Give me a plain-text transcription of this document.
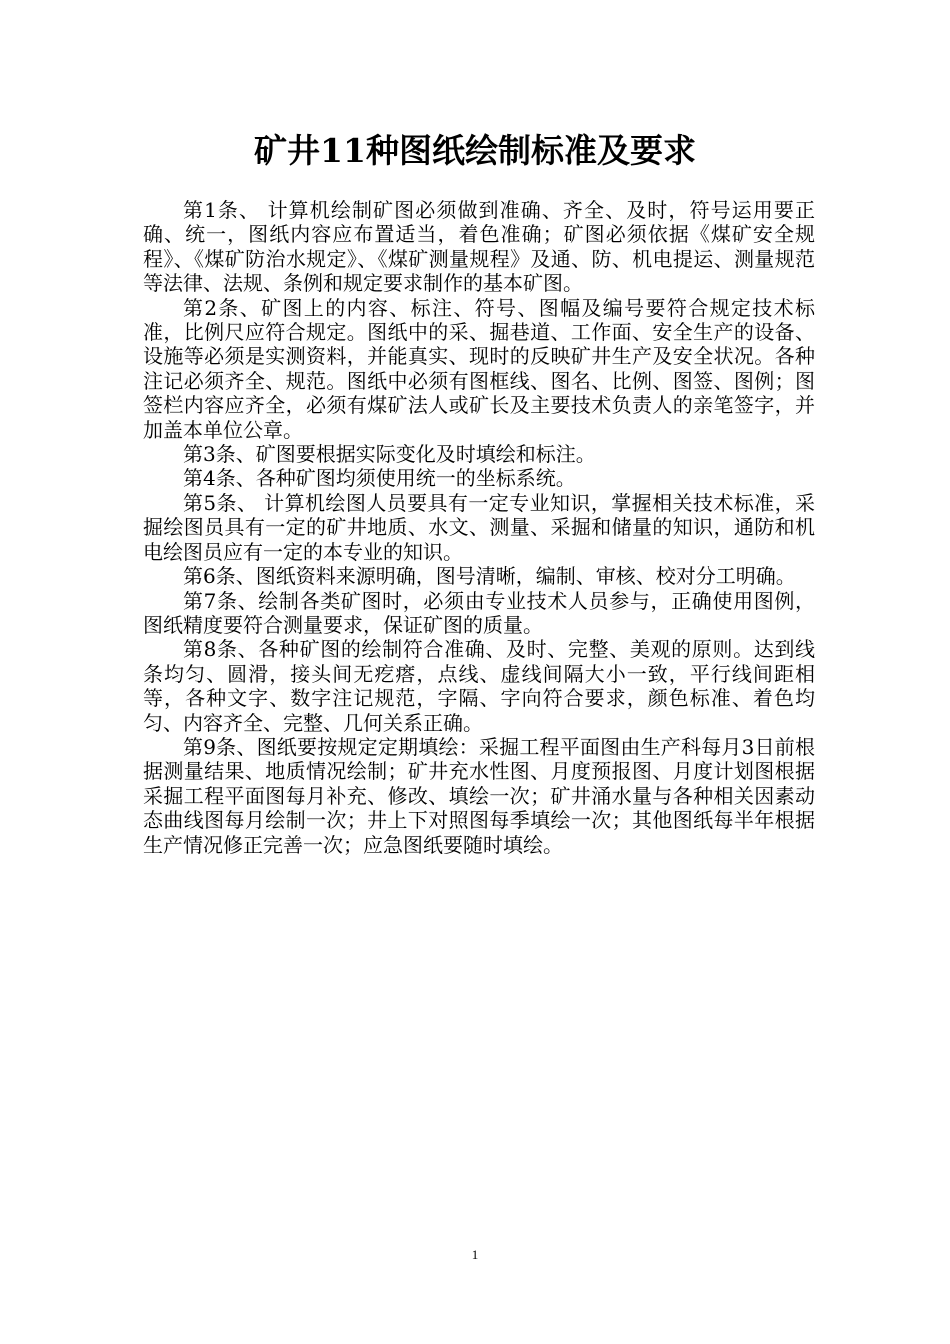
矿井11种图纸绘制标准及要求

第1条、 计算机绘制矿图必须做到准确、齐全、及时，符号运用要正确、统一，图纸内容应布置适当，着色准确；矿图必须依据《煤矿安全规程》、《煤矿防治水规定》、《煤矿测量规程》及通、防、机电提运、测量规范等法律、法规、条例和规定要求制作的基本矿图。

第2条、矿图上的内容、标注、符号、图幅及编号要符合规定技术标准，比例尺应符合规定。图纸中的采、掘巷道、工作面、安全生产的设备、设施等必须是实测资料，并能真实、现时的反映矿井生产及安全状况。各种注记必须齐全、规范。图纸中必须有图框线、图名、比例、图签、图例；图签栏内容应齐全，必须有煤矿法人或矿长及主要技术负责人的亲笔签字，并加盖本单位公章。

第3条、矿图要根据实际变化及时填绘和标注。

第4条、各种矿图均须使用统一的坐标系统。

第5条、 计算机绘图人员要具有一定专业知识，掌握相关技术标准，采掘绘图员具有一定的矿井地质、水文、测量、采掘和储量的知识，通防和机电绘图员应有一定的本专业的知识。

第6条、图纸资料来源明确，图号清晰，编制、审核、校对分工明确。

第7条、绘制各类矿图时，必须由专业技术人员参与，正确使用图例，图纸精度要符合测量要求，保证矿图的质量。

第8条、各种矿图的绘制符合准确、及时、完整、美观的原则。达到线条均匀、圆滑，接头间无疙瘩，点线、虚线间隔大小一致，平行线间距相等，各种文字、数字注记规范，字隔、字向符合要求，颜色标准、着色均匀、内容齐全、完整、几何关系正确。

第9条、图纸要按规定定期填绘：采掘工程平面图由生产科每月3日前根据测量结果、地质情况绘制；矿井充水性图、月度预报图、月度计划图根据采掘工程平面图每月补充、修改、填绘一次；矿井涌水量与各种相关因素动态曲线图每月绘制一次；井上下对照图每季填绘一次；其他图纸每半年根据生产情况修正完善一次；应急图纸要随时填绘。

1
